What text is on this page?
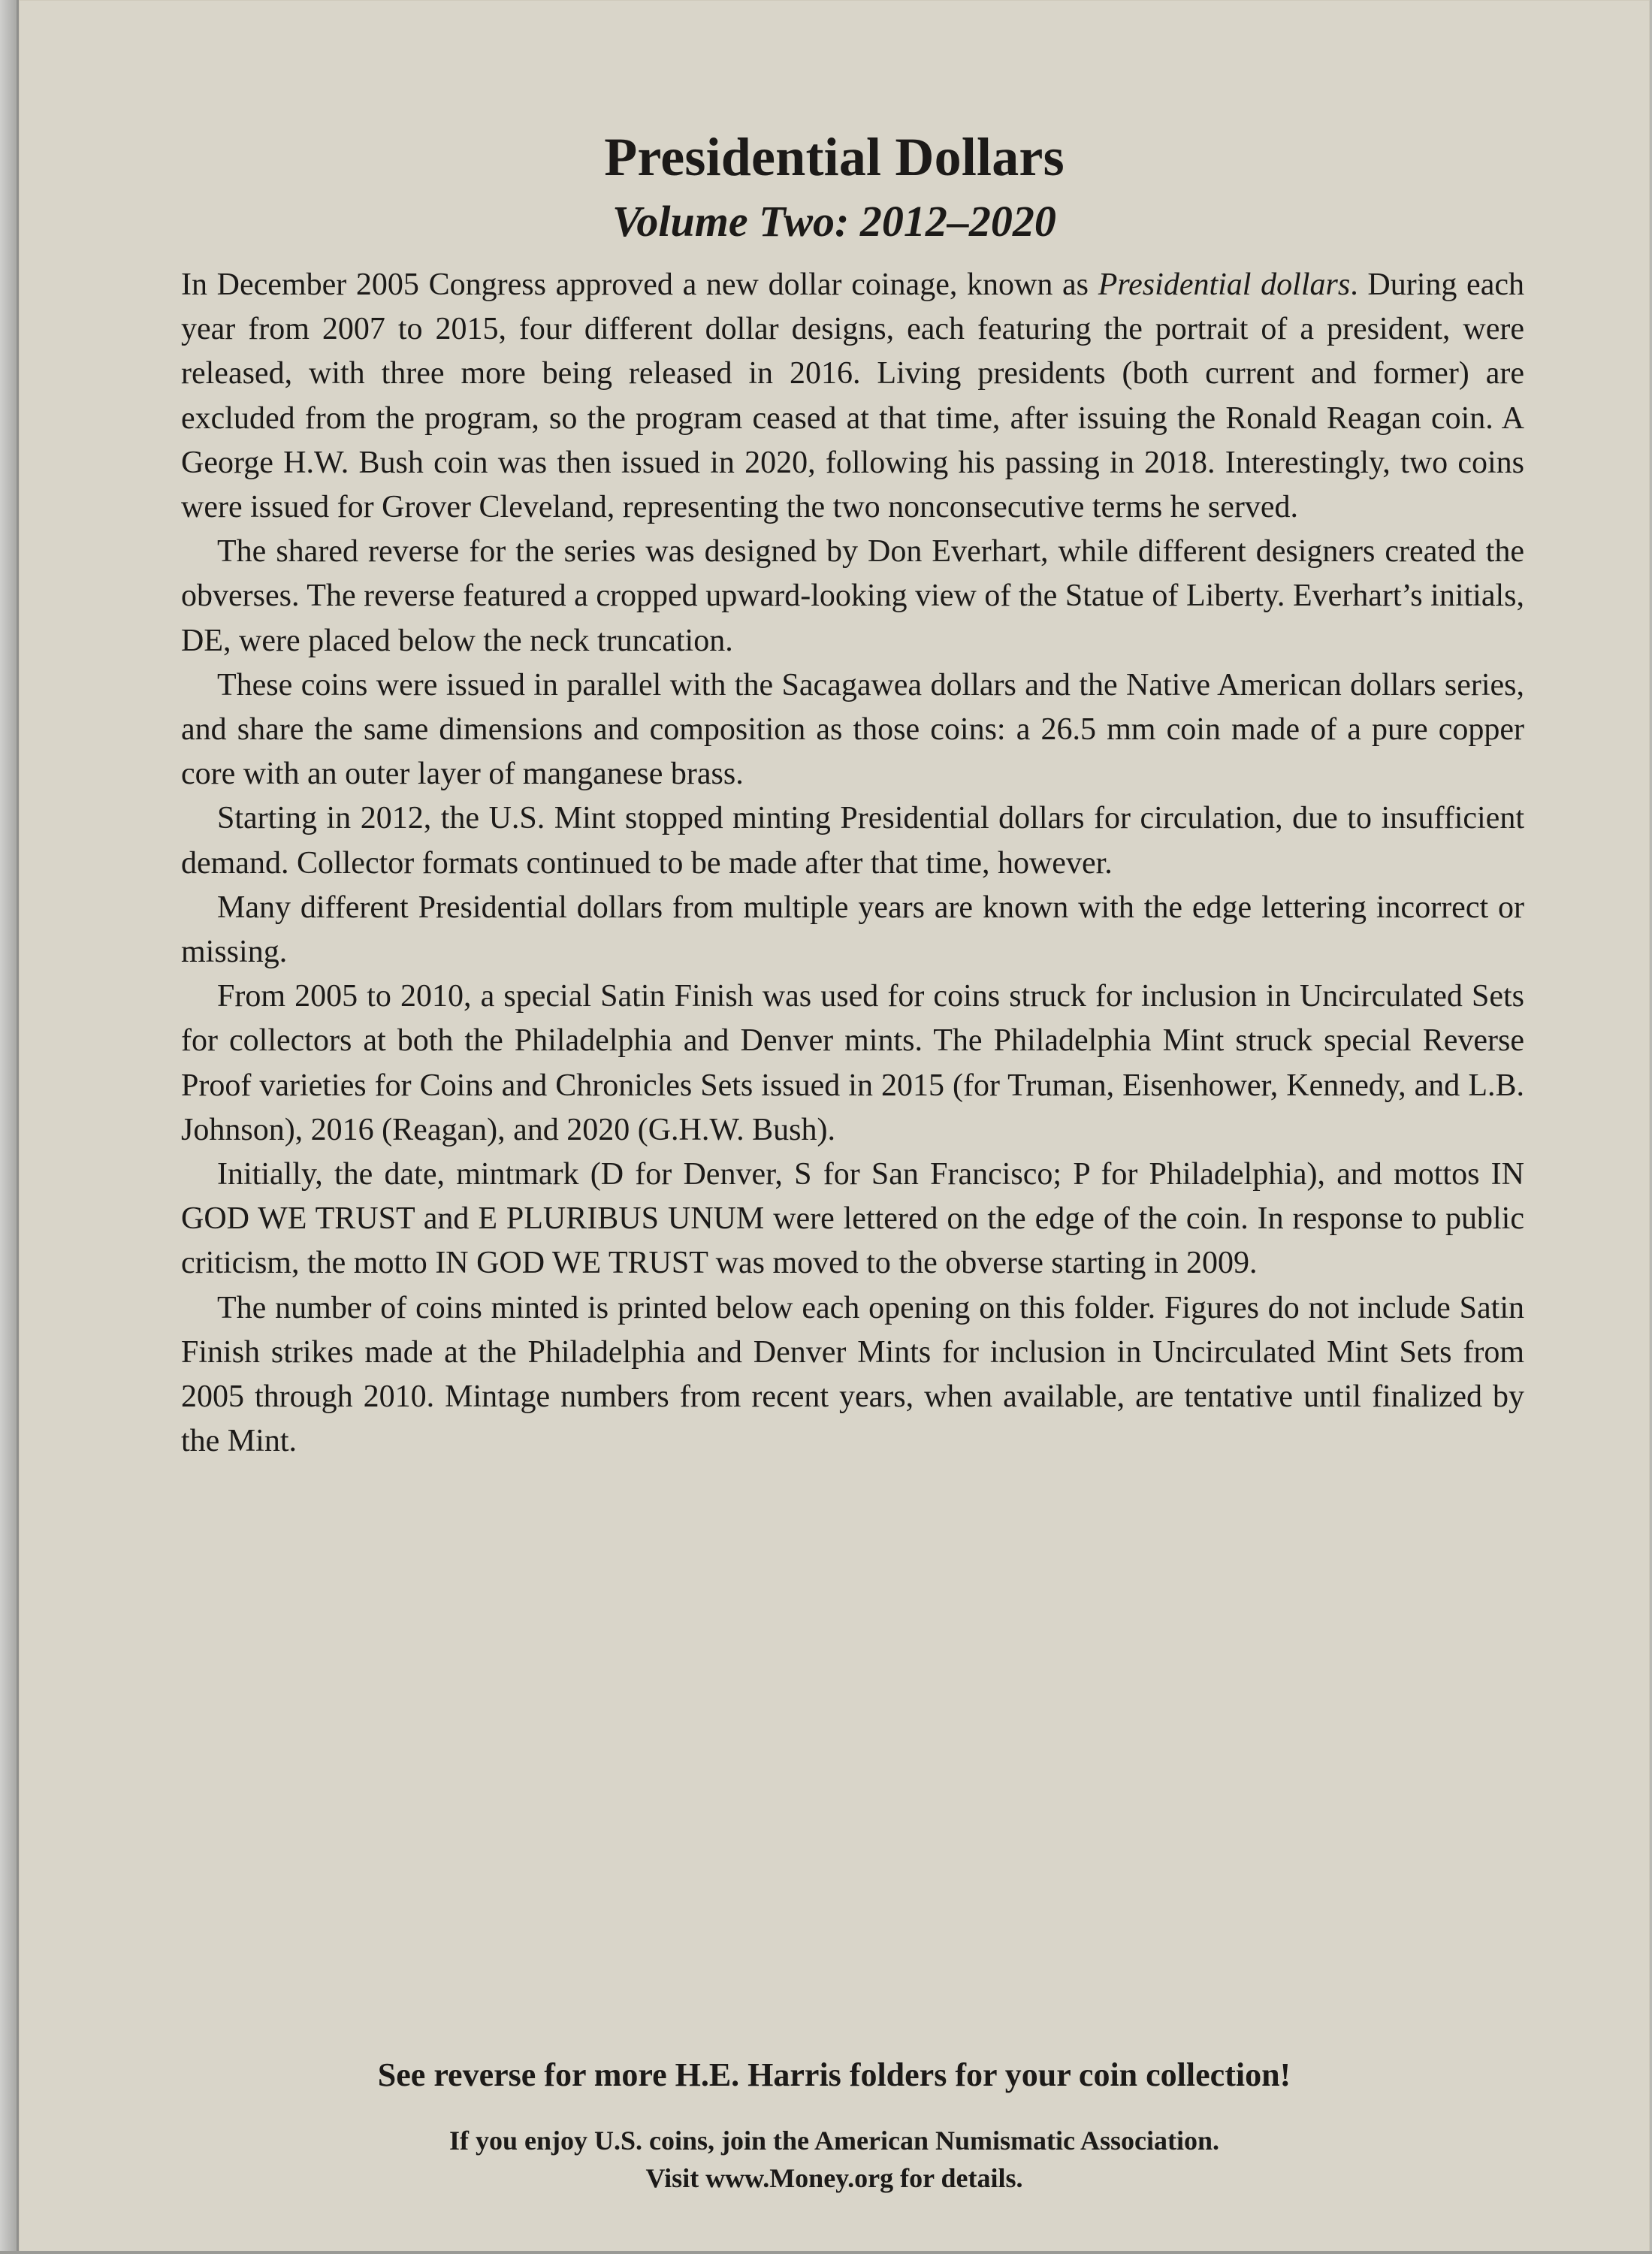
Presidential Dollars
Volume Two: 2012–2020

In December 2005 Congress approved a new dollar coinage, known as Presidential dollars. During each year from 2007 to 2015, four different dollar designs, each featuring the portrait of a president, were released, with three more being released in 2016. Living presidents (both current and former) are excluded from the program, so the program ceased at that time, after issuing the Ronald Reagan coin. A George H.W. Bush coin was then issued in 2020, following his passing in 2018. Interestingly, two coins were issued for Grover Cleveland, representing the two nonconsecutive terms he served.

The shared reverse for the series was designed by Don Everhart, while different designers created the obverses. The reverse featured a cropped upward-looking view of the Statue of Liberty. Everhart’s initials, DE, were placed below the neck truncation.

These coins were issued in parallel with the Sacagawea dollars and the Native American dollars series, and share the same dimensions and composition as those coins: a 26.5 mm coin made of a pure copper core with an outer layer of manganese brass.

Starting in 2012, the U.S. Mint stopped minting Presidential dollars for circulation, due to insufficient demand. Collector formats continued to be made after that time, however.

Many different Presidential dollars from multiple years are known with the edge lettering incorrect or missing.

From 2005 to 2010, a special Satin Finish was used for coins struck for inclusion in Uncirculated Sets for collectors at both the Philadelphia and Denver mints. The Philadelphia Mint struck special Reverse Proof varieties for Coins and Chronicles Sets issued in 2015 (for Truman, Eisenhower, Kennedy, and L.B. Johnson), 2016 (Reagan), and 2020 (G.H.W. Bush).

Initially, the date, mintmark (D for Denver, S for San Francisco; P for Philadelphia), and mottos IN GOD WE TRUST and E PLURIBUS UNUM were lettered on the edge of the coin. In response to public criticism, the motto IN GOD WE TRUST was moved to the obverse starting in 2009.

The number of coins minted is printed below each opening on this folder. Figures do not include Satin Finish strikes made at the Philadelphia and Denver Mints for inclusion in Uncirculated Mint Sets from 2005 through 2010. Mintage numbers from recent years, when available, are tentative until finalized by the Mint.

See reverse for more H.E. Harris folders for your coin collection!
If you enjoy U.S. coins, join the American Numismatic Association.
Visit www.Money.org for details.
